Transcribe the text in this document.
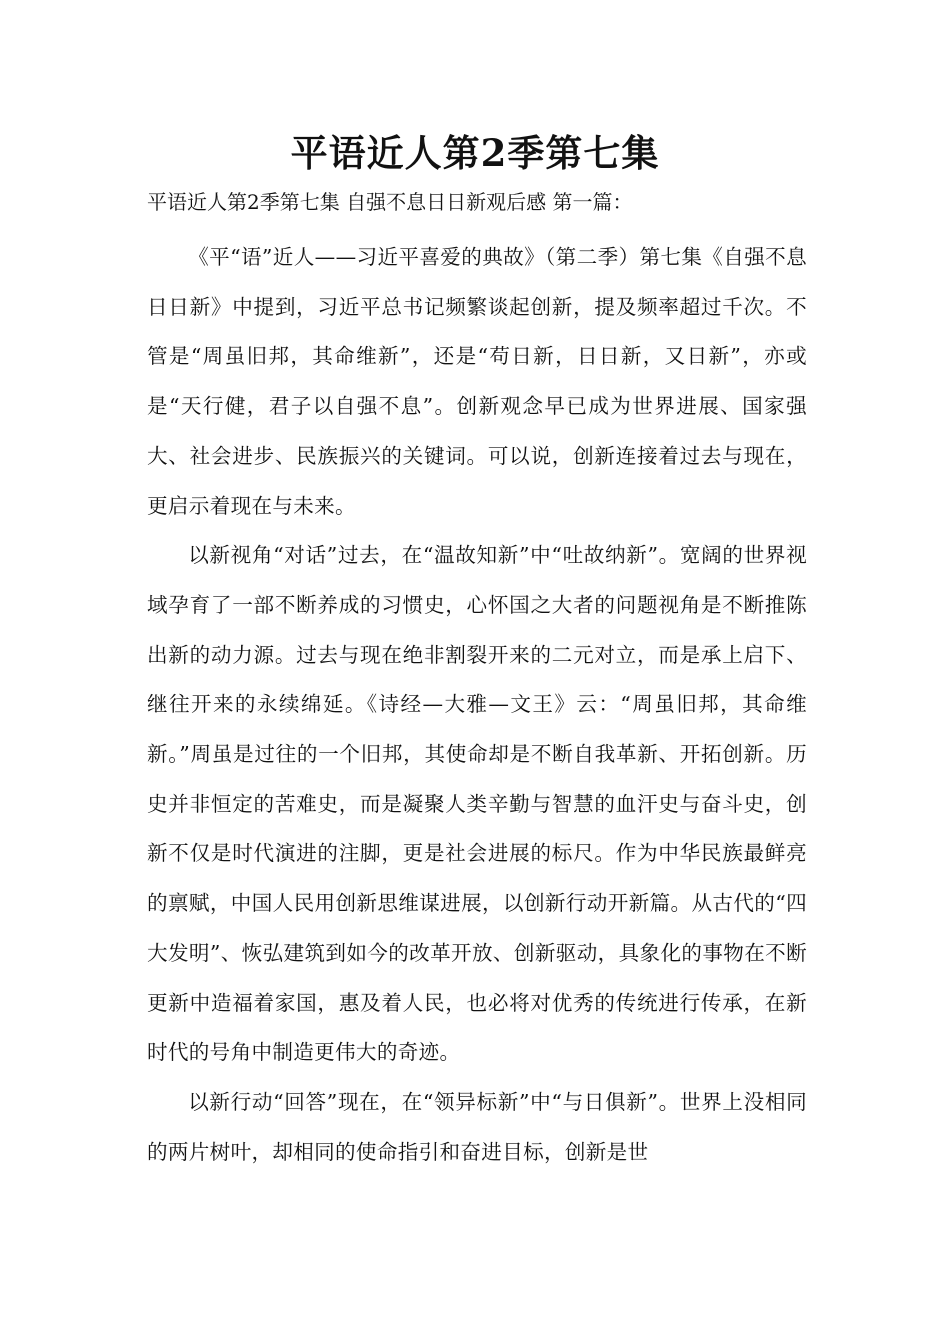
平语近人第2季第七集

平语近人第2季第七集 自强不息日日新观后感 第一篇：

《平“语”近人——习近平喜爱的典故》（第二季）第七集《自强不息日日新》中提到，习近平总书记频繁谈起创新，提及频率超过千次。不管是“周虽旧邦，其命维新”，还是“苟日新，日日新，又日新”，亦或是“天行健，君子以自强不息”。创新观念早已成为世界进展、国家强大、社会进步、民族振兴的关键词。可以说，创新连接着过去与现在，更启示着现在与未来。

以新视角“对话”过去，在“温故知新”中“吐故纳新”。宽阔的世界视域孕育了一部不断养成的习惯史，心怀国之大者的问题视角是不断推陈出新的动力源。过去与现在绝非割裂开来的二元对立，而是承上启下、继往开来的永续绵延。《诗经—大雅—文王》云：“周虽旧邦，其命维新。”周虽是过往的一个旧邦，其使命却是不断自我革新、开拓创新。历史并非恒定的苦难史，而是凝聚人类辛勤与智慧的血汗史与奋斗史，创新不仅是时代演进的注脚，更是社会进展的标尺。作为中华民族最鲜亮的禀赋，中国人民用创新思维谋进展，以创新行动开新篇。从古代的“四大发明”、恢弘建筑到如今的改革开放、创新驱动，具象化的事物在不断更新中造福着家国，惠及着人民，也必将对优秀的传统进行传承，在新时代的号角中制造更伟大的奇迹。

以新行动“回答”现在，在“领异标新”中“与日俱新”。世界上没相同的两片树叶，却相同的使命指引和奋进目标，创新是世
